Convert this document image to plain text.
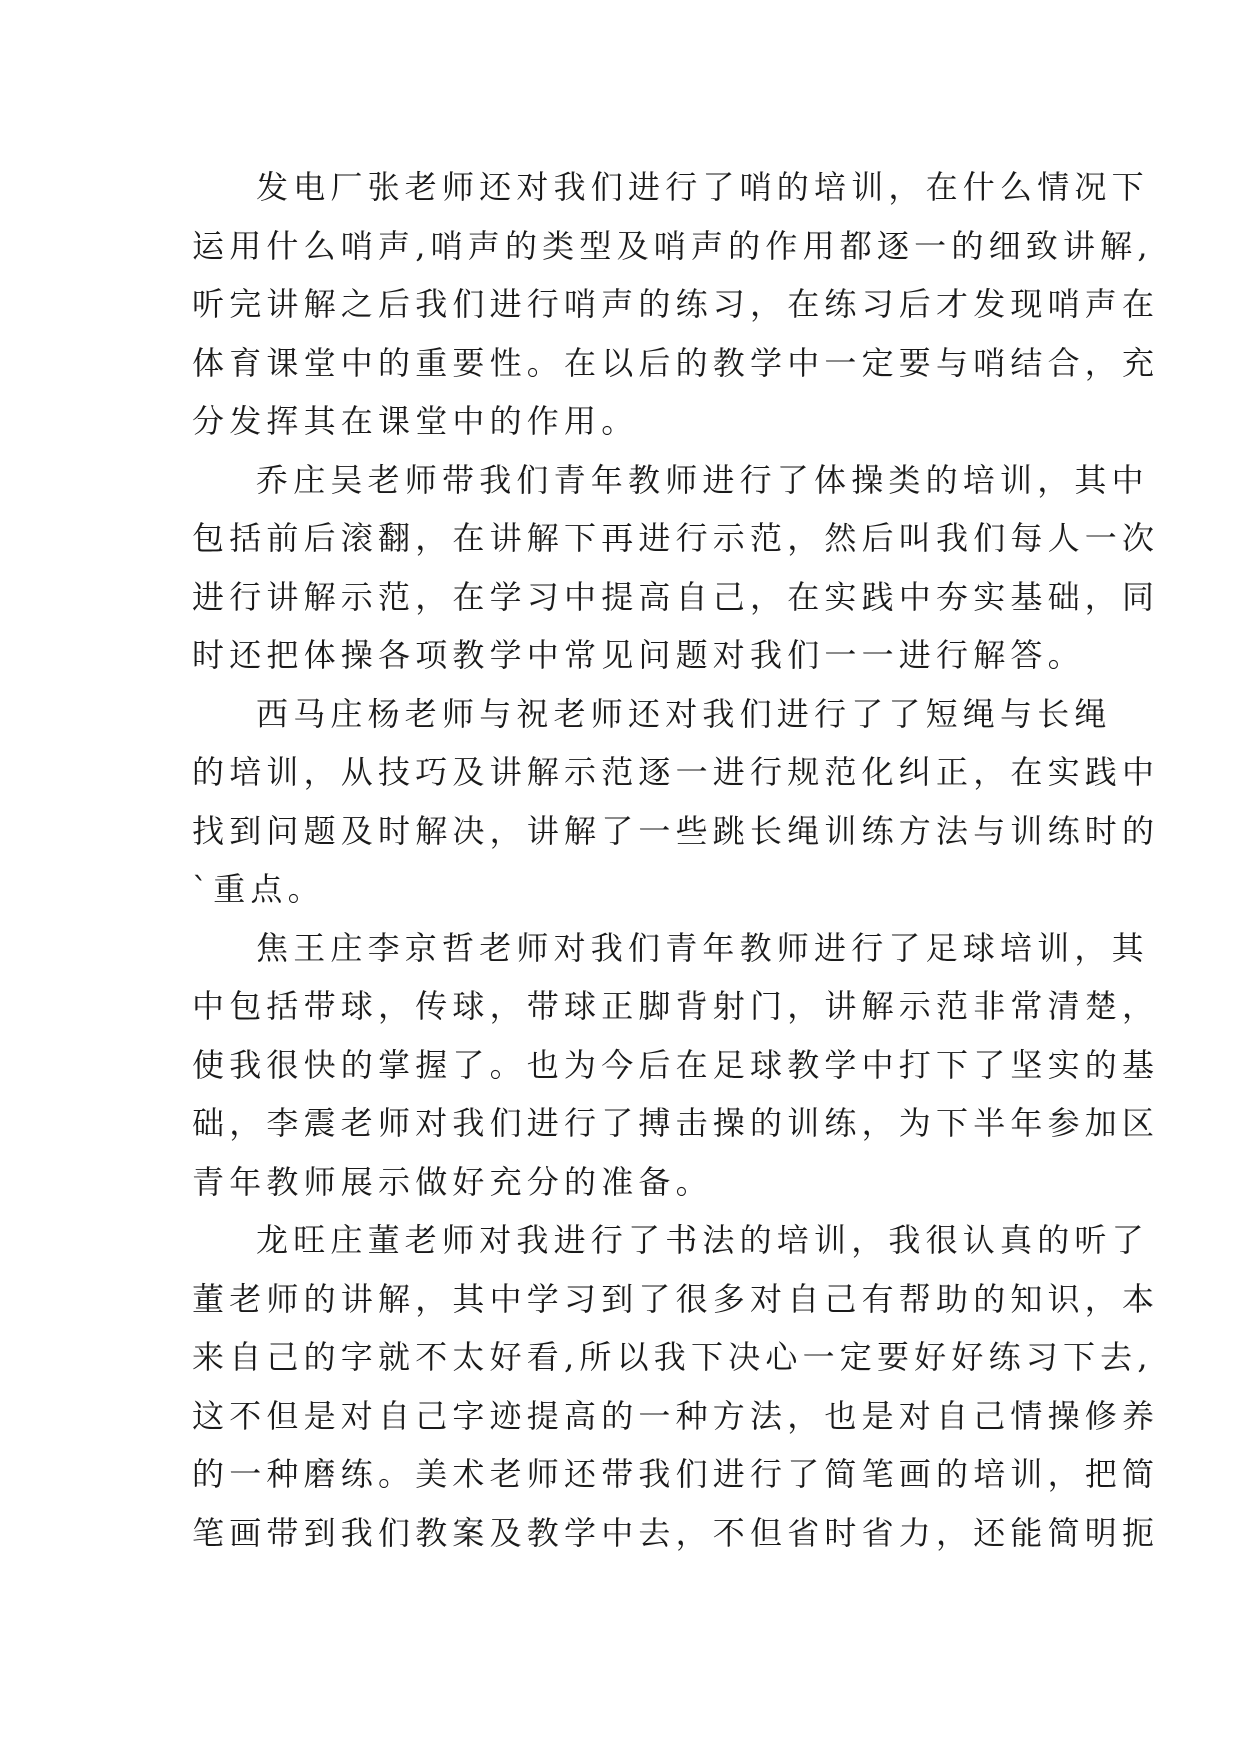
发电厂张老师还对我们进行了哨的培训，在什么情况下
运用什么哨声,哨声的类型及哨声的作用都逐一的细致讲解,
听完讲解之后我们进行哨声的练习，在练习后才发现哨声在
体育课堂中的重要性。在以后的教学中一定要与哨结合，充
分发挥其在课堂中的作用。
乔庄吴老师带我们青年教师进行了体操类的培训，其中
包括前后滚翻，在讲解下再进行示范，然后叫我们每人一次
进行讲解示范，在学习中提高自己，在实践中夯实基础，同
时还把体操各项教学中常见问题对我们一一进行解答。
西马庄杨老师与祝老师还对我们进行了了短绳与长绳
的培训，从技巧及讲解示范逐一进行规范化纠正，在实践中
找到问题及时解决，讲解了一些跳长绳训练方法与训练时的
`重点。
焦王庄李京哲老师对我们青年教师进行了足球培训，其
中包括带球，传球，带球正脚背射门，讲解示范非常清楚，
使我很快的掌握了。也为今后在足球教学中打下了坚实的基
础，李震老师对我们进行了搏击操的训练，为下半年参加区
青年教师展示做好充分的准备。
龙旺庄董老师对我进行了书法的培训，我很认真的听了
董老师的讲解，其中学习到了很多对自己有帮助的知识，本
来自己的字就不太好看,所以我下决心一定要好好练习下去,
这不但是对自己字迹提高的一种方法，也是对自己情操修养
的一种磨练。美术老师还带我们进行了简笔画的培训，把简
笔画带到我们教案及教学中去，不但省时省力，还能简明扼
